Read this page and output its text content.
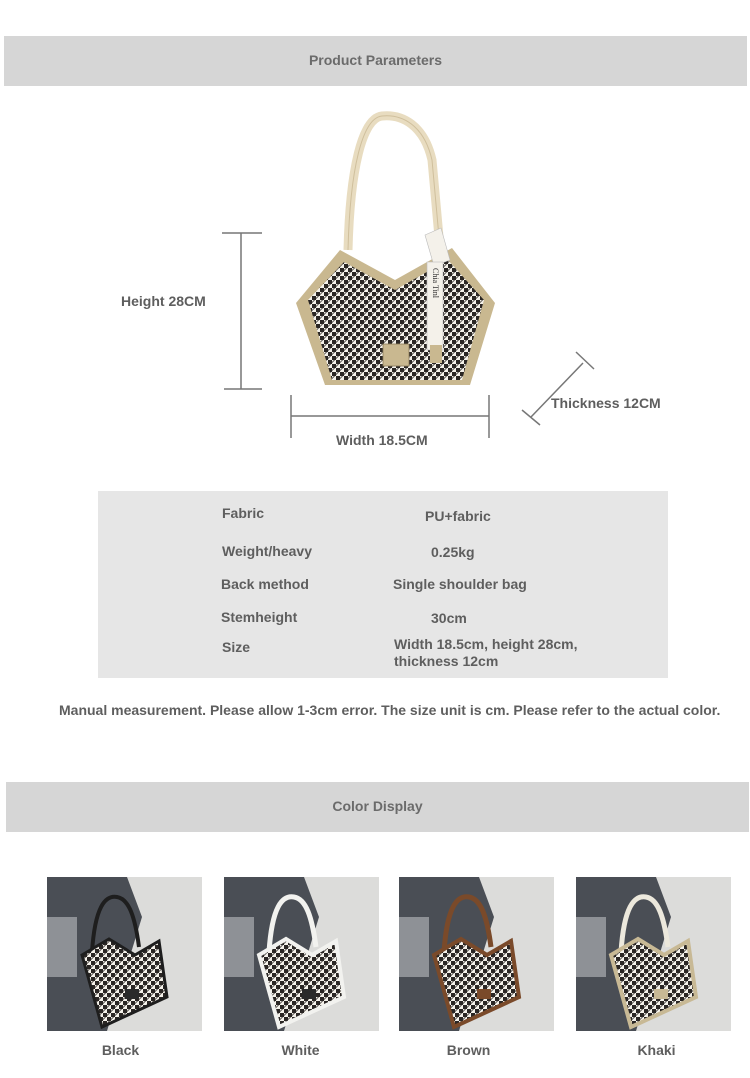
Product Parameters
Chia Tinl
Height 28CM
Width 18.5CM
Thickness 12CM
Fabric	PU+fabric
Weight/heavy	0.25kg
Back method	Single shoulder bag
Stemheight	30cm
Size	Width 18.5cm, height 28cm,
thickness 12cm
Manual measurement. Please allow 1-3cm error. The size unit is cm. Please refer to the actual color.
Color Display
Black	White	Brown	Khaki
